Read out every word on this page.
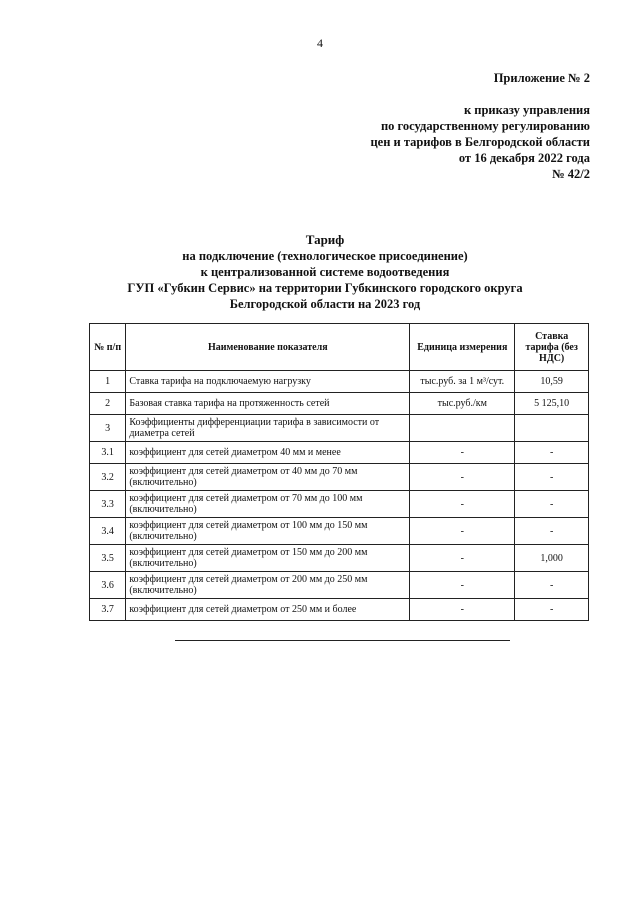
4
Приложение № 2
к приказу управления
по государственному регулированию
цен и тарифов в Белгородской области
от 16 декабря 2022 года
№ 42/2
Тариф
на подключение (технологическое присоединение)
к централизованной системе водоотведения
ГУП «Губкин Сервис» на территории Губкинского городского округа
Белгородской области на 2023 год
№ п/п	Наименование показателя	Единица измерения	Ставка тарифа (без НДС)
1	Ставка тарифа на подключаемую нагрузку	тыс.руб. за 1 м³/сут.	10,59
2	Базовая ставка тарифа на протяженность сетей	тыс.руб./км	5 125,10
3	Коэффициенты дифференциации тарифа в зависимости от диаметра сетей		
3.1	коэффициент для сетей диаметром 40 мм и менее	-	-
3.2	коэффициент для сетей диаметром от 40 мм до 70 мм (включительно)	-	-
3.3	коэффициент для сетей диаметром от 70 мм до 100 мм (включительно)	-	-
3.4	коэффициент для сетей диаметром от 100 мм до 150 мм (включительно)	-	-
3.5	коэффициент для сетей диаметром от 150 мм до 200 мм (включительно)	-	1,000
3.6	коэффициент для сетей диаметром от 200 мм до 250 мм (включительно)	-	-
3.7	коэффициент для сетей диаметром от 250 мм и более	-	-
